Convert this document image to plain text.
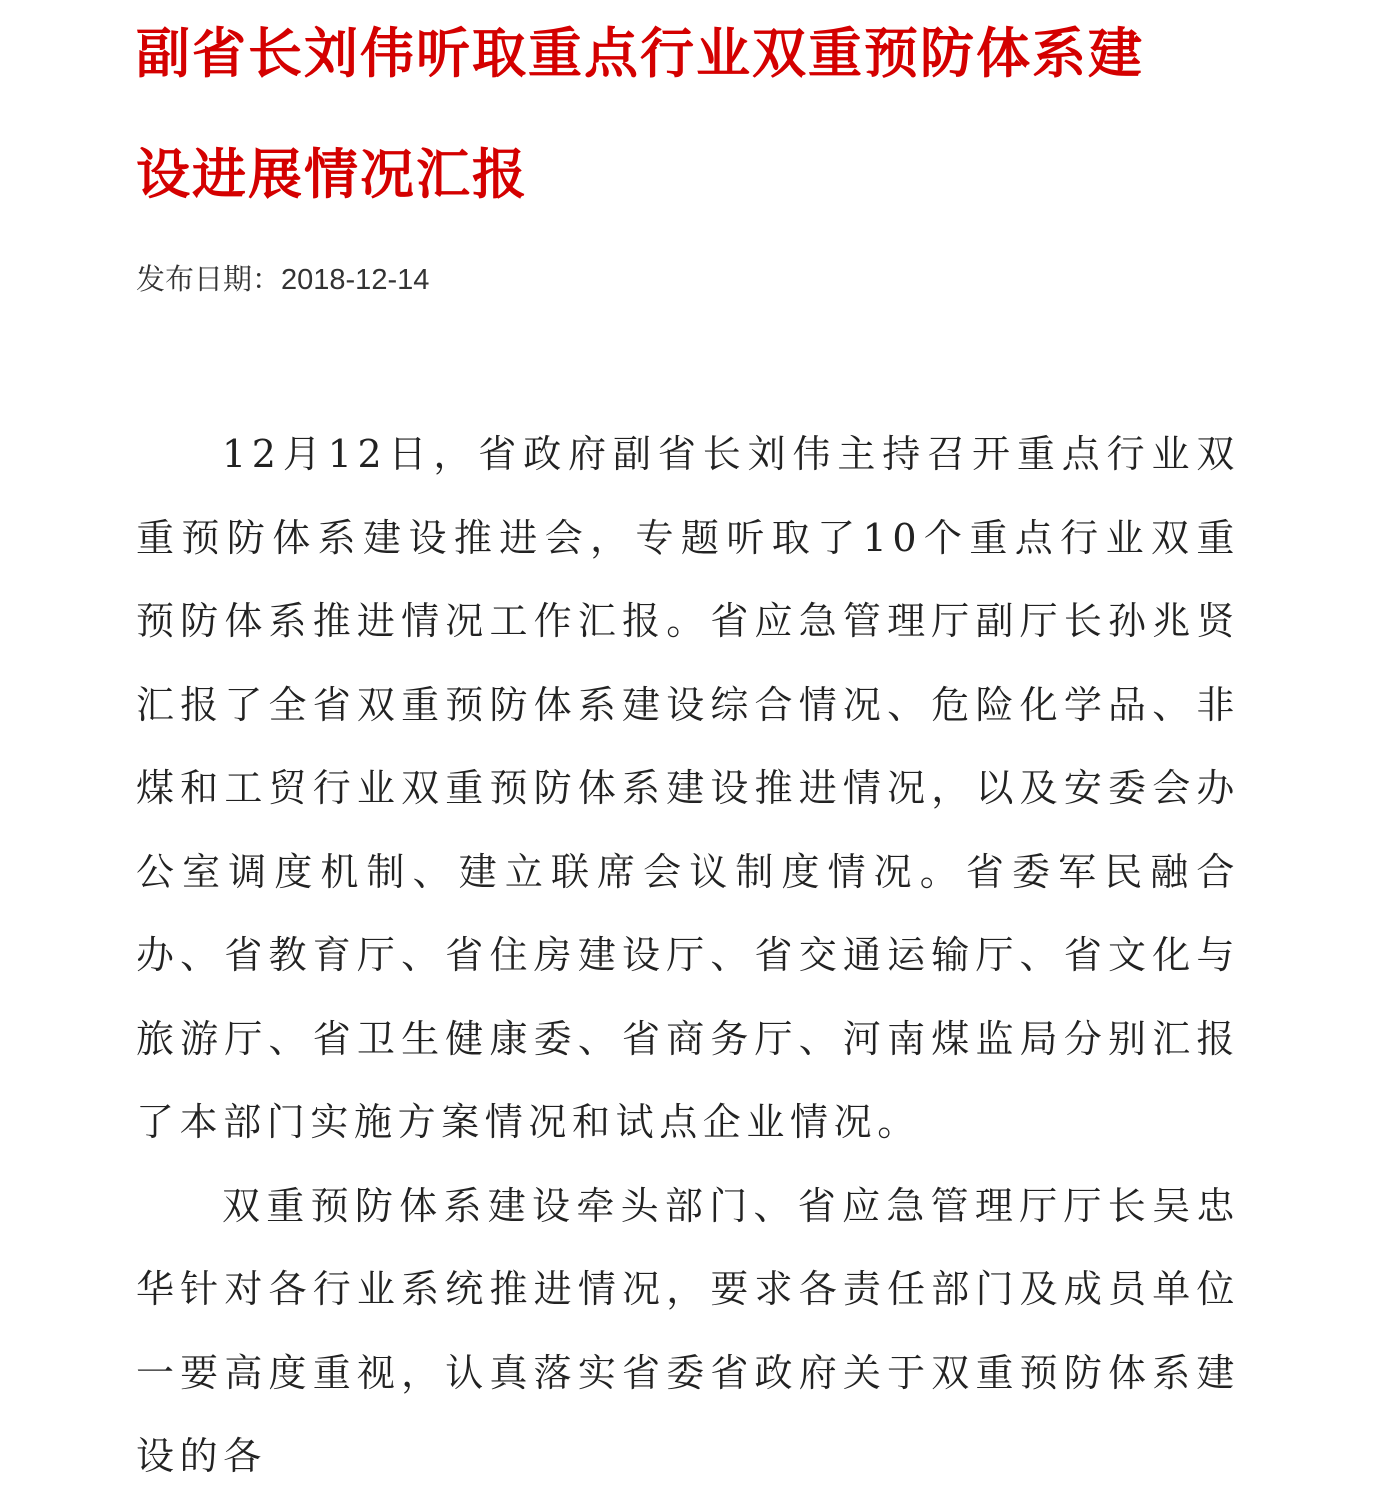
副省长刘伟听取重点行业双重预防体系建
设进展情况汇报
发布日期：2018-12-14

12月12日，省政府副省长刘伟主持召开重点行业双重预防体系建设推进会，专题听取了10个重点行业双重预防体系推进情况工作汇报。省应急管理厅副厅长孙兆贤汇报了全省双重预防体系建设综合情况、危险化学品、非煤和工贸行业双重预防体系建设推进情况，以及安委会办公室调度机制、建立联席会议制度情况。省委军民融合办、省教育厅、省住房建设厅、省交通运输厅、省文化与旅游厅、省卫生健康委、省商务厅、河南煤监局分别汇报了本部门实施方案情况和试点企业情况。

双重预防体系建设牵头部门、省应急管理厅厅长吴忠华针对各行业系统推进情况，要求各责任部门及成员单位一要高度重视，认真落实省委省政府关于双重预防体系建设的各
